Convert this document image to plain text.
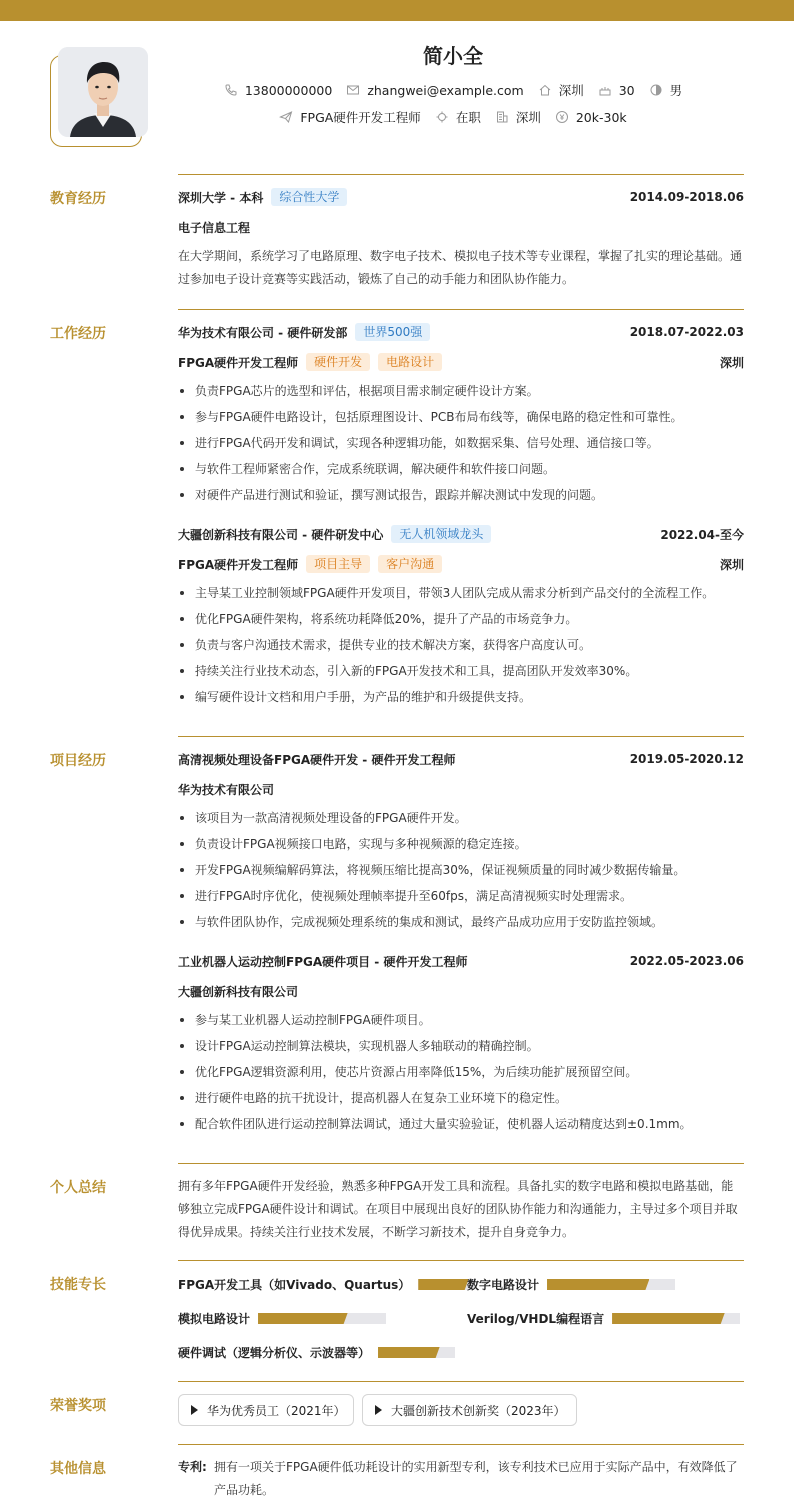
简小全
13800000000	zhangwei@example.com	深圳	30	男
FPGA硬件开发工程师	在职	深圳	20k-30k
教育经历	深圳大学 - 本科	综合性大学	2014.09-2018.06
电子信息工程
在大学期间，系统学习了电路原理、数字电子技术、模拟电子技术等专业课程，掌握了扎实的理论基础。通过参加电子设计竞赛等实践活动，锻炼了自己的动手能力和团队协作能力。
工作经历	华为技术有限公司 - 硬件研发部	世界500强	2018.07-2022.03
FPGA硬件开发工程师	硬件开发	电路设计	深圳
负责FPGA芯片的选型和评估，根据项目需求制定硬件设计方案。
参与FPGA硬件电路设计，包括原理图设计、PCB布局布线等，确保电路的稳定性和可靠性。
进行FPGA代码开发和调试，实现各种逻辑功能，如数据采集、信号处理、通信接口等。
与软件工程师紧密合作，完成系统联调，解决硬件和软件接口问题。
对硬件产品进行测试和验证，撰写测试报告，跟踪并解决测试中发现的问题。
大疆创新科技有限公司 - 硬件研发中心	无人机领域龙头	2022.04-至今
FPGA硬件开发工程师	项目主导	客户沟通	深圳
主导某工业控制领域FPGA硬件开发项目，带领3人团队完成从需求分析到产品交付的全流程工作。
优化FPGA硬件架构，将系统功耗降低20%，提升了产品的市场竞争力。
负责与客户沟通技术需求，提供专业的技术解决方案，获得客户高度认可。
持续关注行业技术动态，引入新的FPGA开发技术和工具，提高团队开发效率30%。
编写硬件设计文档和用户手册，为产品的维护和升级提供支持。
项目经历	高清视频处理设备FPGA硬件开发 - 硬件开发工程师	2019.05-2020.12
华为技术有限公司
该项目为一款高清视频处理设备的FPGA硬件开发。
负责设计FPGA视频接口电路，实现与多种视频源的稳定连接。
开发FPGA视频编解码算法，将视频压缩比提高30%，保证视频质量的同时减少数据传输量。
进行FPGA时序优化，使视频处理帧率提升至60fps，满足高清视频实时处理需求。
与软件团队协作，完成视频处理系统的集成和测试，最终产品成功应用于安防监控领域。
工业机器人运动控制FPGA硬件项目 - 硬件开发工程师	2022.05-2023.06
大疆创新科技有限公司
参与某工业机器人运动控制FPGA硬件项目。
设计FPGA运动控制算法模块，实现机器人多轴联动的精确控制。
优化FPGA逻辑资源利用，使芯片资源占用率降低15%，为后续功能扩展预留空间。
进行硬件电路的抗干扰设计，提高机器人在复杂工业环境下的稳定性。
配合软件团队进行运动控制算法调试，通过大量实验验证，使机器人运动精度达到±0.1mm。
个人总结	拥有多年FPGA硬件开发经验，熟悉多种FPGA开发工具和流程。具备扎实的数字电路和模拟电路基础，能够独立完成FPGA硬件设计和调试。在项目中展现出良好的团队协作能力和沟通能力，主导过多个项目并取得优异成果。持续关注行业技术发展，不断学习新技术，提升自身竞争力。
技能专长	FPGA开发工具（如Vivado、Quartus）	数字电路设计
模拟电路设计	Verilog/VHDL编程语言
硬件调试（逻辑分析仪、示波器等）
荣誉奖项	华为优秀员工（2021年）	大疆创新技术创新奖（2023年）
其他信息	专利: 拥有一项关于FPGA硬件低功耗设计的实用新型专利，该专利技术已应用于实际产品中，有效降低了产品功耗。
